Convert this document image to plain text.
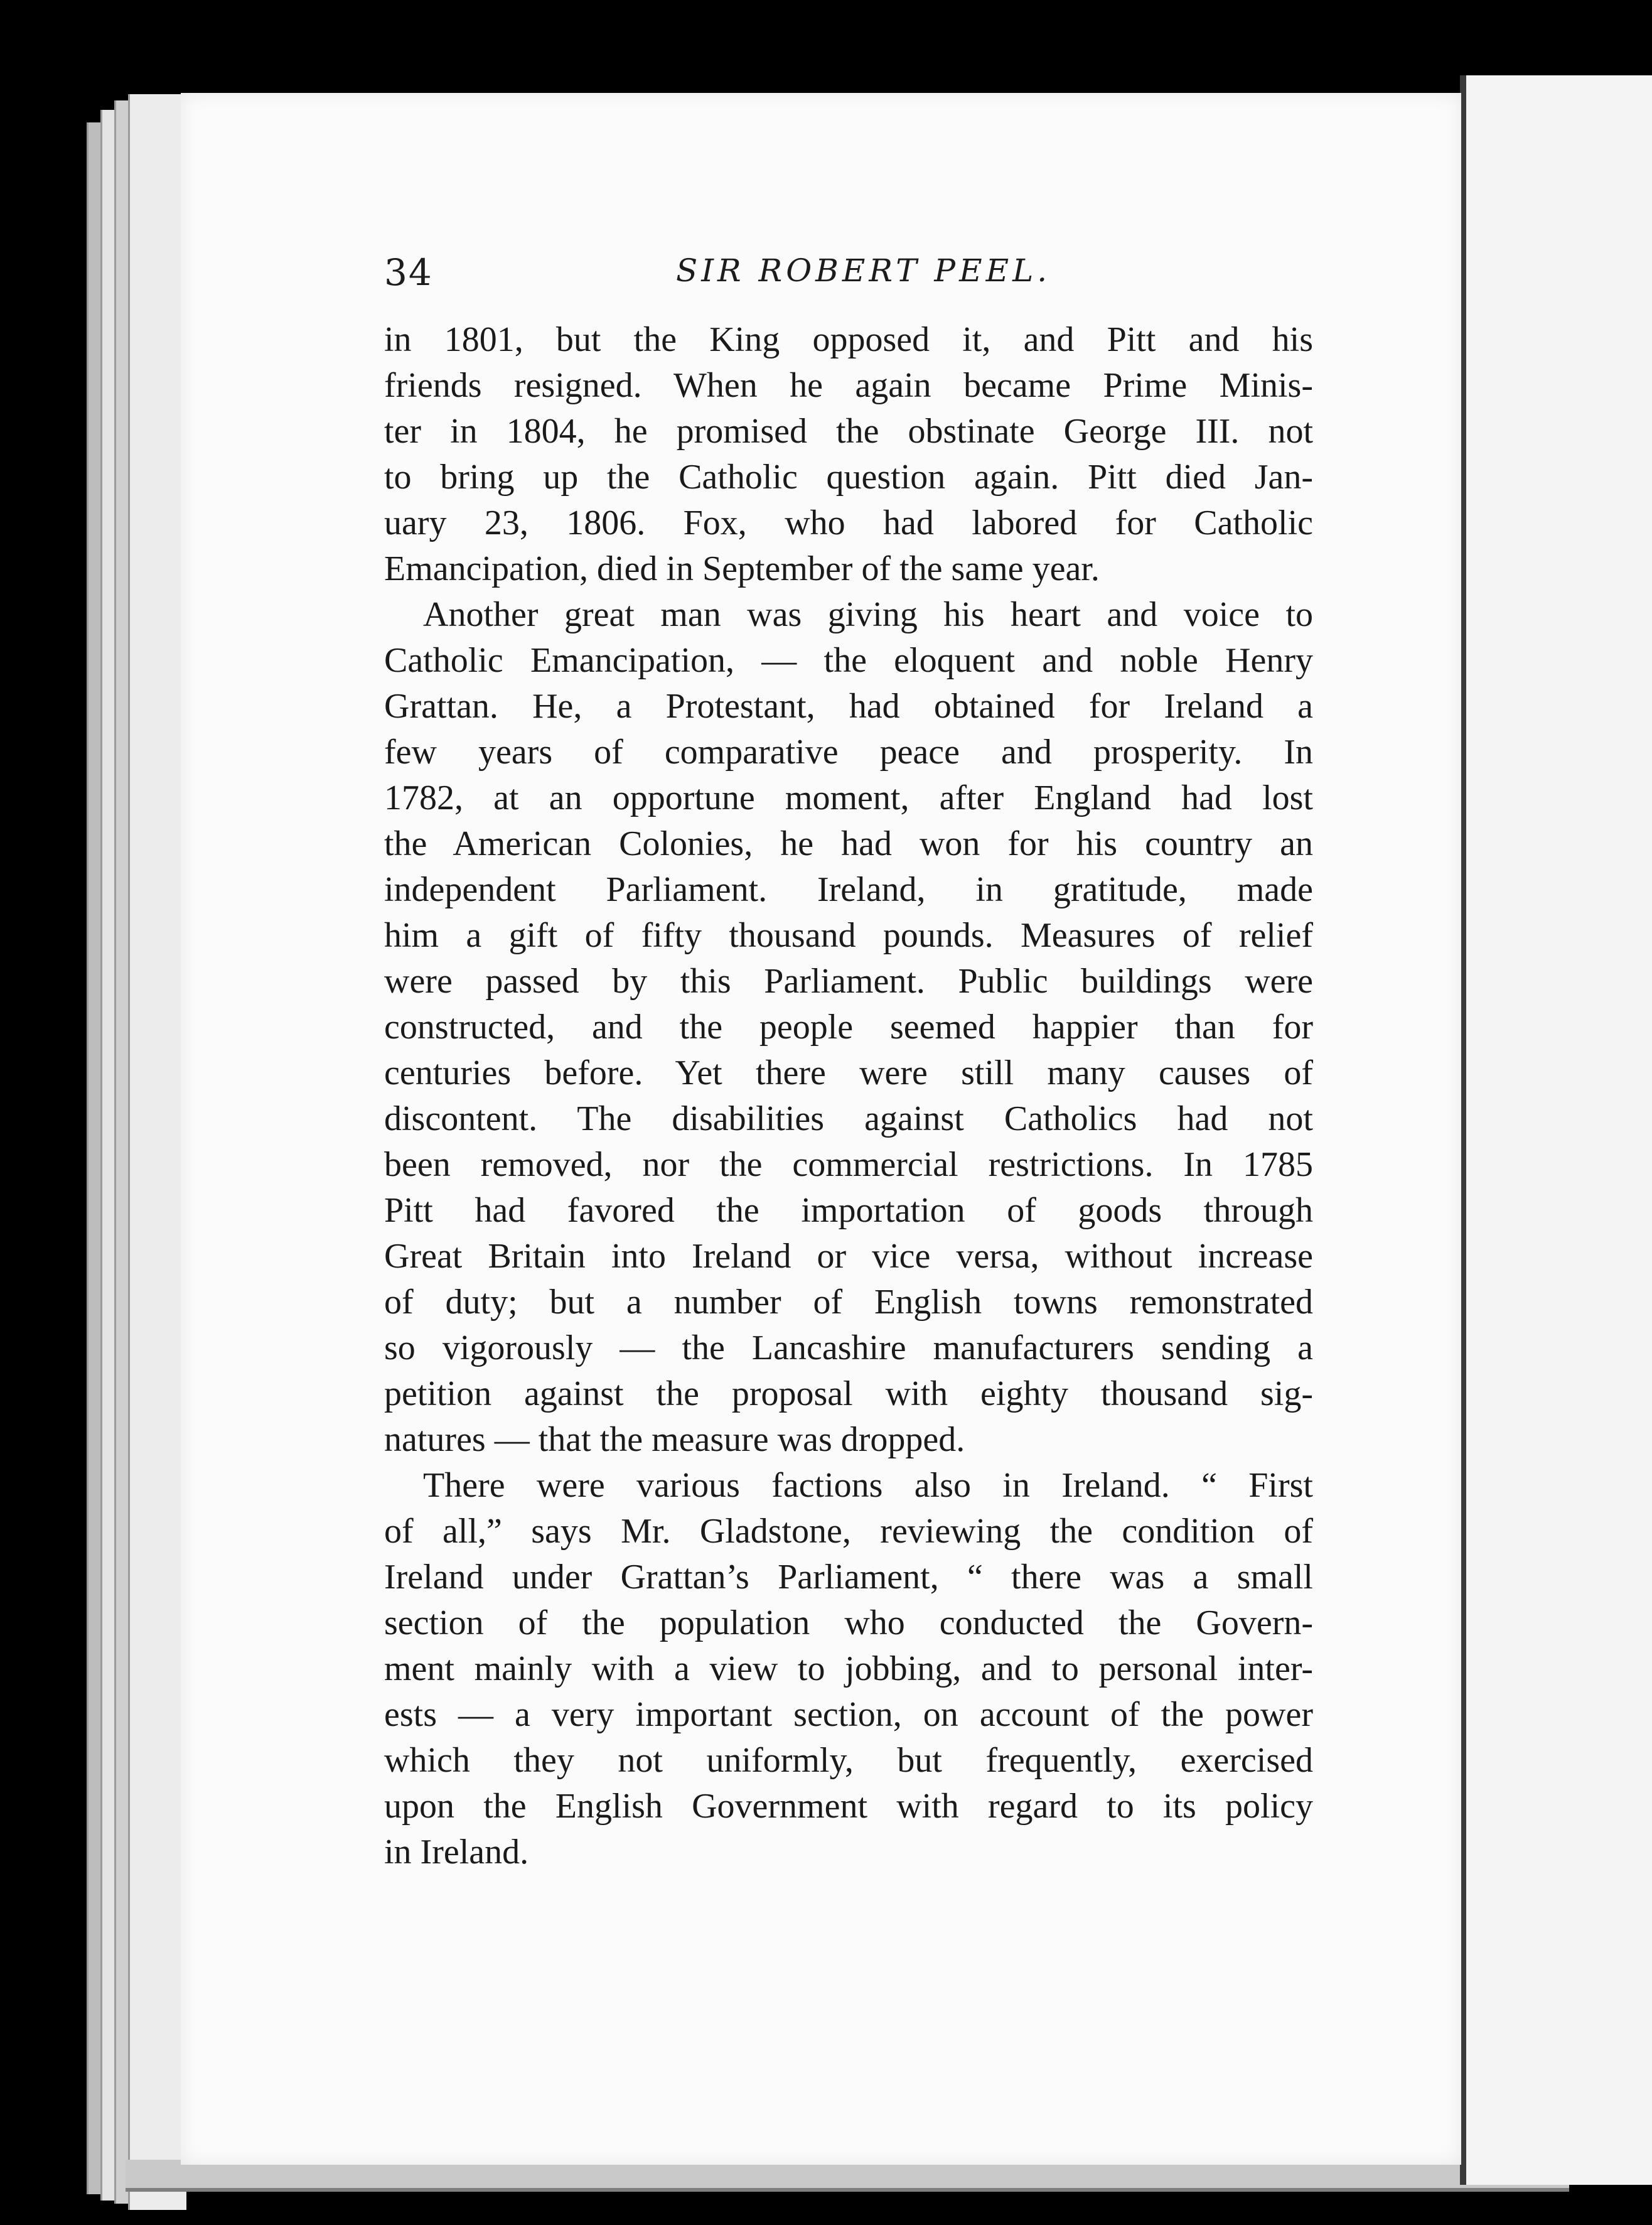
34	SIR ROBERT PEEL.
in 1801, but the King opposed it, and Pitt and his
friends resigned. When he again became Prime Minis-
ter in 1804, he promised the obstinate George III. not
to bring up the Catholic question again. Pitt died Jan-
uary 23, 1806. Fox, who had labored for Catholic
Emancipation, died in September of the same year.
Another great man was giving his heart and voice to
Catholic Emancipation, — the eloquent and noble Henry
Grattan. He, a Protestant, had obtained for Ireland a
few years of comparative peace and prosperity. In
1782, at an opportune moment, after England had lost
the American Colonies, he had won for his country an
independent Parliament. Ireland, in gratitude, made
him a gift of fifty thousand pounds. Measures of relief
were passed by this Parliament. Public buildings were
constructed, and the people seemed happier than for
centuries before. Yet there were still many causes of
discontent. The disabilities against Catholics had not
been removed, nor the commercial restrictions. In 1785
Pitt had favored the importation of goods through
Great Britain into Ireland or vice versa, without increase
of duty; but a number of English towns remonstrated
so vigorously — the Lancashire manufacturers sending a
petition against the proposal with eighty thousand sig-
natures — that the measure was dropped.
There were various factions also in Ireland. “ First
of all,” says Mr. Gladstone, reviewing the condition of
Ireland under Grattan’s Parliament, “ there was a small
section of the population who conducted the Govern-
ment mainly with a view to jobbing, and to personal inter-
ests — a very important section, on account of the power
which they not uniformly, but frequently, exercised
upon the English Government with regard to its policy
in Ireland.
